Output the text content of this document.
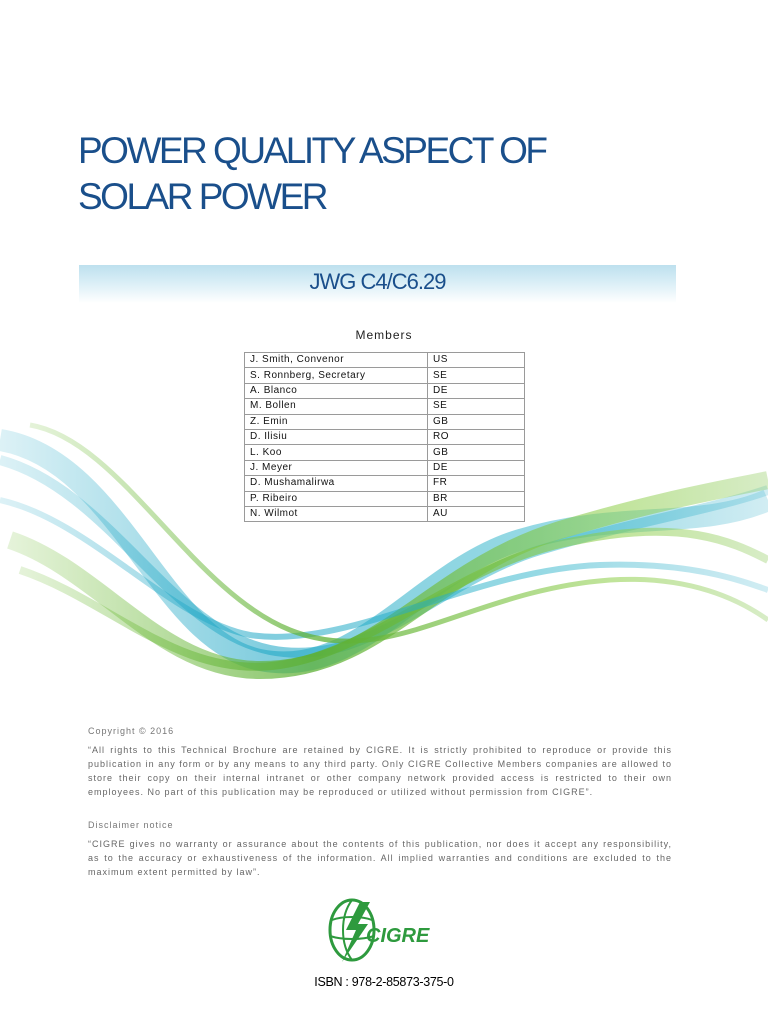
POWER QUALITY ASPECT OF
SOLAR POWER
JWG C4/C6.29
Members
J. Smith, Convenor	US
S. Ronnberg, Secretary	SE
A. Blanco	DE
M. Bollen	SE
Z. Emin	GB
D. Ilisiu	RO
L. Koo	GB
J. Meyer	DE
D. Mushamalirwa	FR
P. Ribeiro	BR
N. Wilmot	AU
Copyright © 2016
“All rights to this Technical Brochure are retained by CIGRE. It is strictly prohibited to reproduce or provide this publication in any form or by any means to any third party. Only CIGRE Collective Members companies are allowed to store their copy on their internal intranet or other company network provided access is restricted to their own employees. No part of this publication may be reproduced or utilized without permission from CIGRE”.
Disclaimer notice
“CIGRE gives no warranty or assurance about the contents of this publication, nor does it accept any responsibility, as to the accuracy or exhaustiveness of the information. All implied warranties and conditions are excluded to the maximum extent permitted by law”.
CIGRE
ISBN : 978-2-85873-375-0
